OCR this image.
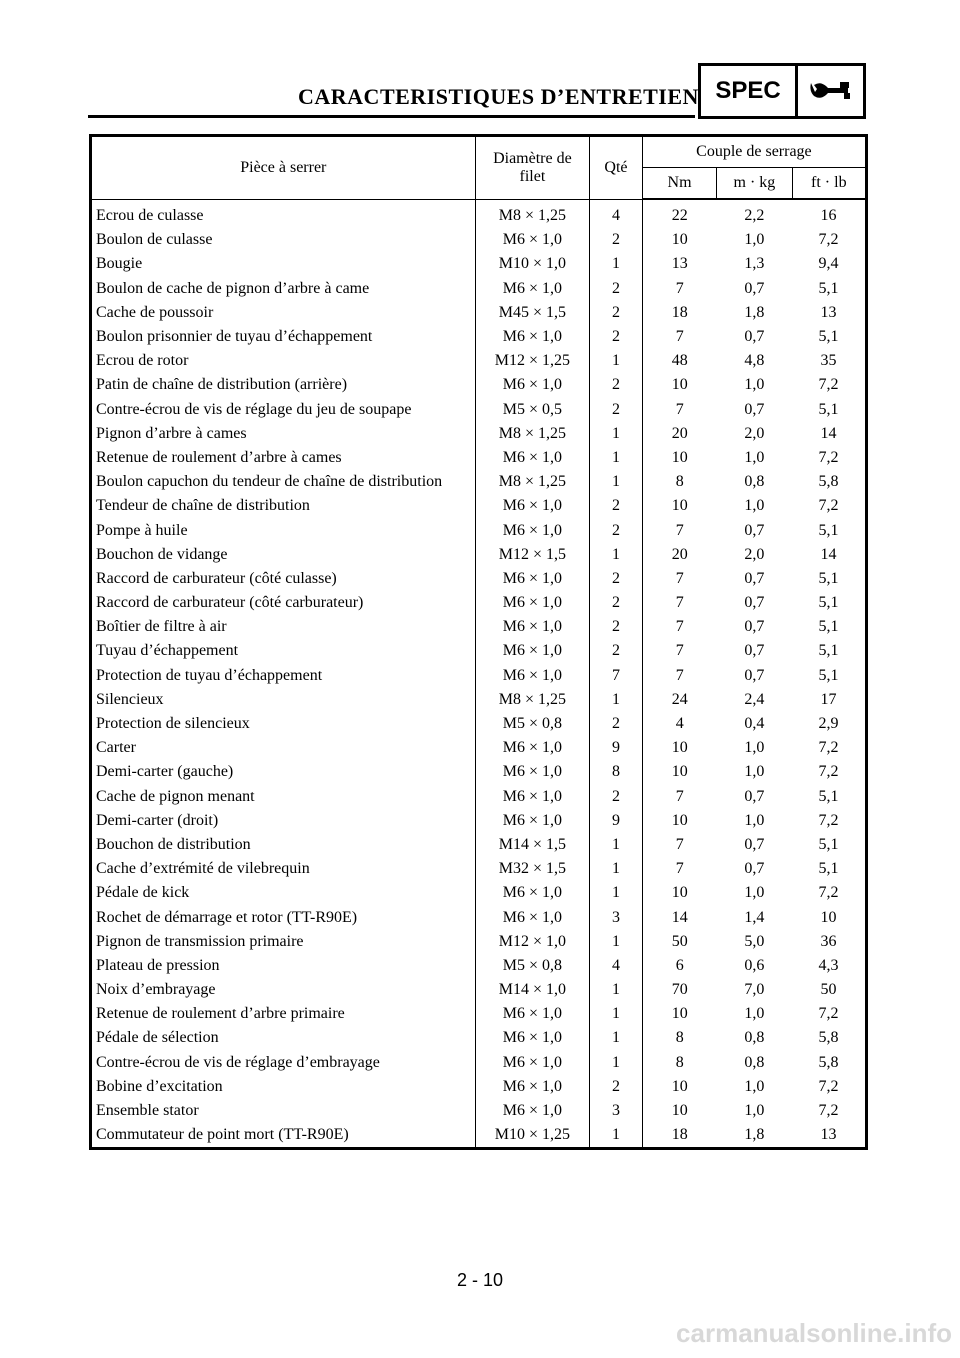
CARACTERISTIQUES D’ENTRETIEN SPEC
Pièce à serrer	Diamètre de
filet	Qté	Couple de serrage		
			Nm	m · kg	ft · lb
Ecrou de culasse	M8 × 1,25	4	22	2,2	16
Boulon de culasse	M6 × 1,0	2	10	1,0	7,2
Bougie	M10 × 1,0	1	13	1,3	9,4
Boulon de cache de pignon d’arbre à came	M6 × 1,0	2	7	0,7	5,1
Cache de poussoir	M45 × 1,5	2	18	1,8	13
Boulon prisonnier de tuyau d’échappement	M6 × 1,0	2	7	0,7	5,1
Ecrou de rotor	M12 × 1,25	1	48	4,8	35
Patin de chaîne de distribution (arrière)	M6 × 1,0	2	10	1,0	7,2
Contre-écrou de vis de réglage du jeu de soupape	M5 × 0,5	2	7	0,7	5,1
Pignon d’arbre à cames	M8 × 1,25	1	20	2,0	14
Retenue de roulement d’arbre à cames	M6 × 1,0	1	10	1,0	7,2
Boulon capuchon du tendeur de chaîne de distribution	M8 × 1,25	1	8	0,8	5,8
Tendeur de chaîne de distribution	M6 × 1,0	2	10	1,0	7,2
Pompe à huile	M6 × 1,0	2	7	0,7	5,1
Bouchon de vidange	M12 × 1,5	1	20	2,0	14
Raccord de carburateur (côté culasse)	M6 × 1,0	2	7	0,7	5,1
Raccord de carburateur (côté carburateur)	M6 × 1,0	2	7	0,7	5,1
Boîtier de filtre à air	M6 × 1,0	2	7	0,7	5,1
Tuyau d’échappement	M6 × 1,0	2	7	0,7	5,1
Protection de tuyau d’échappement	M6 × 1,0	7	7	0,7	5,1
Silencieux	M8 × 1,25	1	24	2,4	17
Protection de silencieux	M5 × 0,8	2	4	0,4	2,9
Carter	M6 × 1,0	9	10	1,0	7,2
Demi-carter (gauche)	M6 × 1,0	8	10	1,0	7,2
Cache de pignon menant	M6 × 1,0	2	7	0,7	5,1
Demi-carter (droit)	M6 × 1,0	9	10	1,0	7,2
Bouchon de distribution	M14 × 1,5	1	7	0,7	5,1
Cache d’extrémité de vilebrequin	M32 × 1,5	1	7	0,7	5,1
Pédale de kick	M6 × 1,0	1	10	1,0	7,2
Rochet de démarrage et rotor (TT-R90E)	M6 × 1,0	3	14	1,4	10
Pignon de transmission primaire	M12 × 1,0	1	50	5,0	36
Plateau de pression	M5 × 0,8	4	6	0,6	4,3
Noix d’embrayage	M14 × 1,0	1	70	7,0	50
Retenue de roulement d’arbre primaire	M6 × 1,0	1	10	1,0	7,2
Pédale de sélection	M6 × 1,0	1	8	0,8	5,8
Contre-écrou de vis de réglage d’embrayage	M6 × 1,0	1	8	0,8	5,8
Bobine d’excitation	M6 × 1,0	2	10	1,0	7,2
Ensemble stator	M6 × 1,0	3	10	1,0	7,2
Commutateur de point mort (TT-R90E)	M10 × 1,25	1	18	1,8	13
2 - 10
carmanualsonline.info
